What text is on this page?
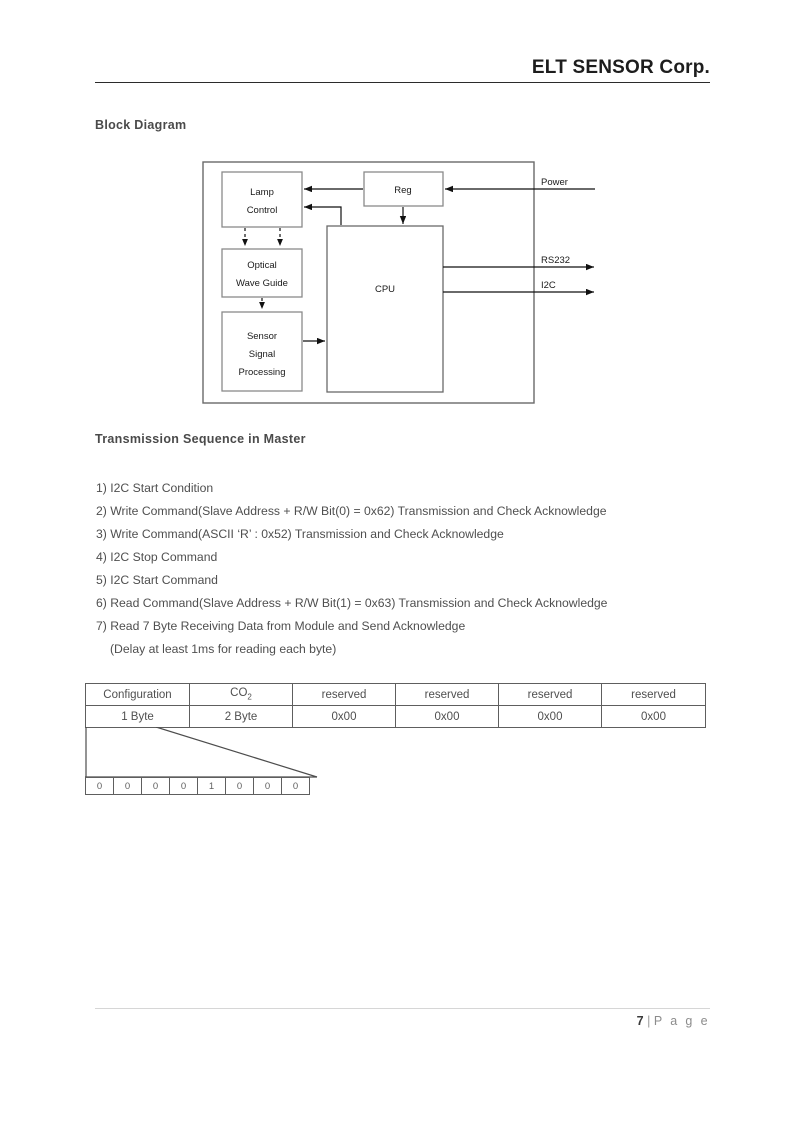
ELT SENSOR Corp.
Block Diagram
Lamp
Control
Optical
Wave Guide
Sensor
Signal
Processing
CPU
Reg
Power
RS232
I2C
Transmission Sequence in Master
1) I2C Start Condition
2) Write Command(Slave Address + R/W Bit(0) = 0x62) Transmission and Check Acknowledge
3) Write Command(ASCII ‘R’ : 0x52) Transmission and Check Acknowledge
4) I2C Stop Command
5) I2C Start Command
6) Read Command(Slave Address + R/W Bit(1) = 0x63) Transmission and Check Acknowledge
7) Read 7 Byte Receiving Data from Module and Send Acknowledge
(Delay at least 1ms for reading each byte)
Configuration	$CO_2$	reserved	reserved	reserved	reserved
1 Byte	2 Byte	0x00	0x00	0x00	0x00
0	0	0	0	1	0	0	0
7 | P a g e
